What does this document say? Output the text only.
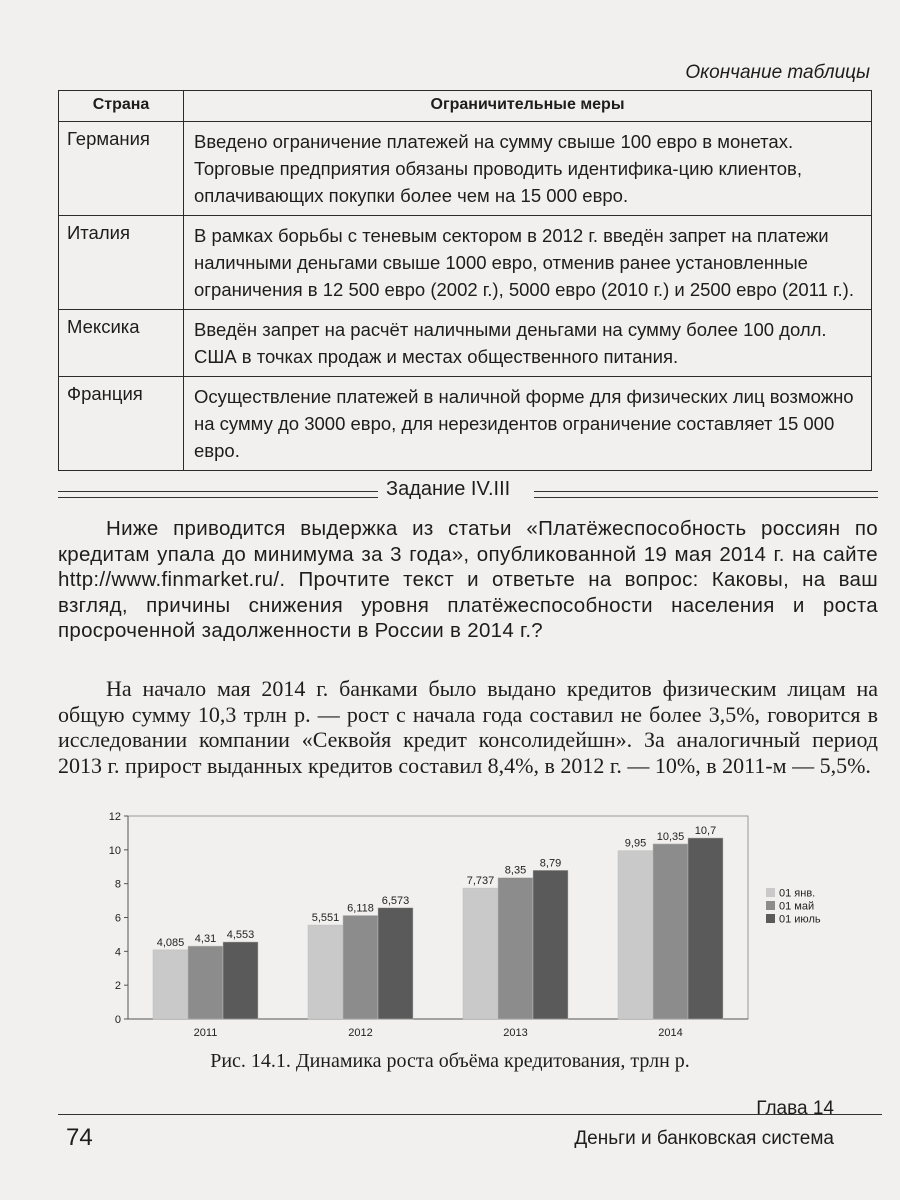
Окончание таблицы
Страна	Ограничительные меры
Германия	Введено ограничение платежей на сумму свыше 100 евро в монетах. Торговые предприятия обязаны проводить идентифика-цию клиентов, оплачивающих покупки более чем на 15 000 евро.
Италия	В рамках борьбы с теневым сектором в 2012 г. введён запрет на платежи наличными деньгами свыше 1000 евро, отменив ранее установленные ограничения в 12 500 евро (2002 г.), 5000 евро (2010 г.) и 2500 евро (2011 г.).
Мексика	Введён запрет на расчёт наличными деньгами на сумму более 100 долл. США в точках продаж и местах общественного питания.
Франция	Осуществление платежей в наличной форме для физических лиц возможно на сумму до 3000 евро, для нерезидентов ограничение составляет 15 000 евро.
Задание IV.III

Ниже приводится выдержка из статьи «Платёжеспособность россиян по кредитам упала до минимума за 3 года», опубликованной 19 мая 2014 г. на сайте http://www.finmarket.ru/. Прочтите текст и ответьте на вопрос: Каковы, на ваш взгляд, причины снижения уровня платёжеспособности населения и роста просроченной задолженности в России в 2014 г.?

На начало мая 2014 г. банками было выдано кредитов физическим лицам на общую сумму 10,3 трлн р. — рост с начала года составил не более 3,5%, говорится в исследовании компании «Секвойя кредит консолидейшн». За аналогичный период 2013 г. прирост выданных кредитов составил 8,4%, в 2012 г. — 10%, в 2011-м — 5,5%.

0
2
4
6
8
10
12
4,085 4,31 4,553
2011
5,551
6,118
6,573
2012
7,737
8,35
8,79
2013
9,95
10,35 10,7
2014
01 янв.
01 май
01 июль
Рис. 14.1. Динамика роста объёма кредитования, трлн р.
Глава 14
74	Деньги и банковская система
